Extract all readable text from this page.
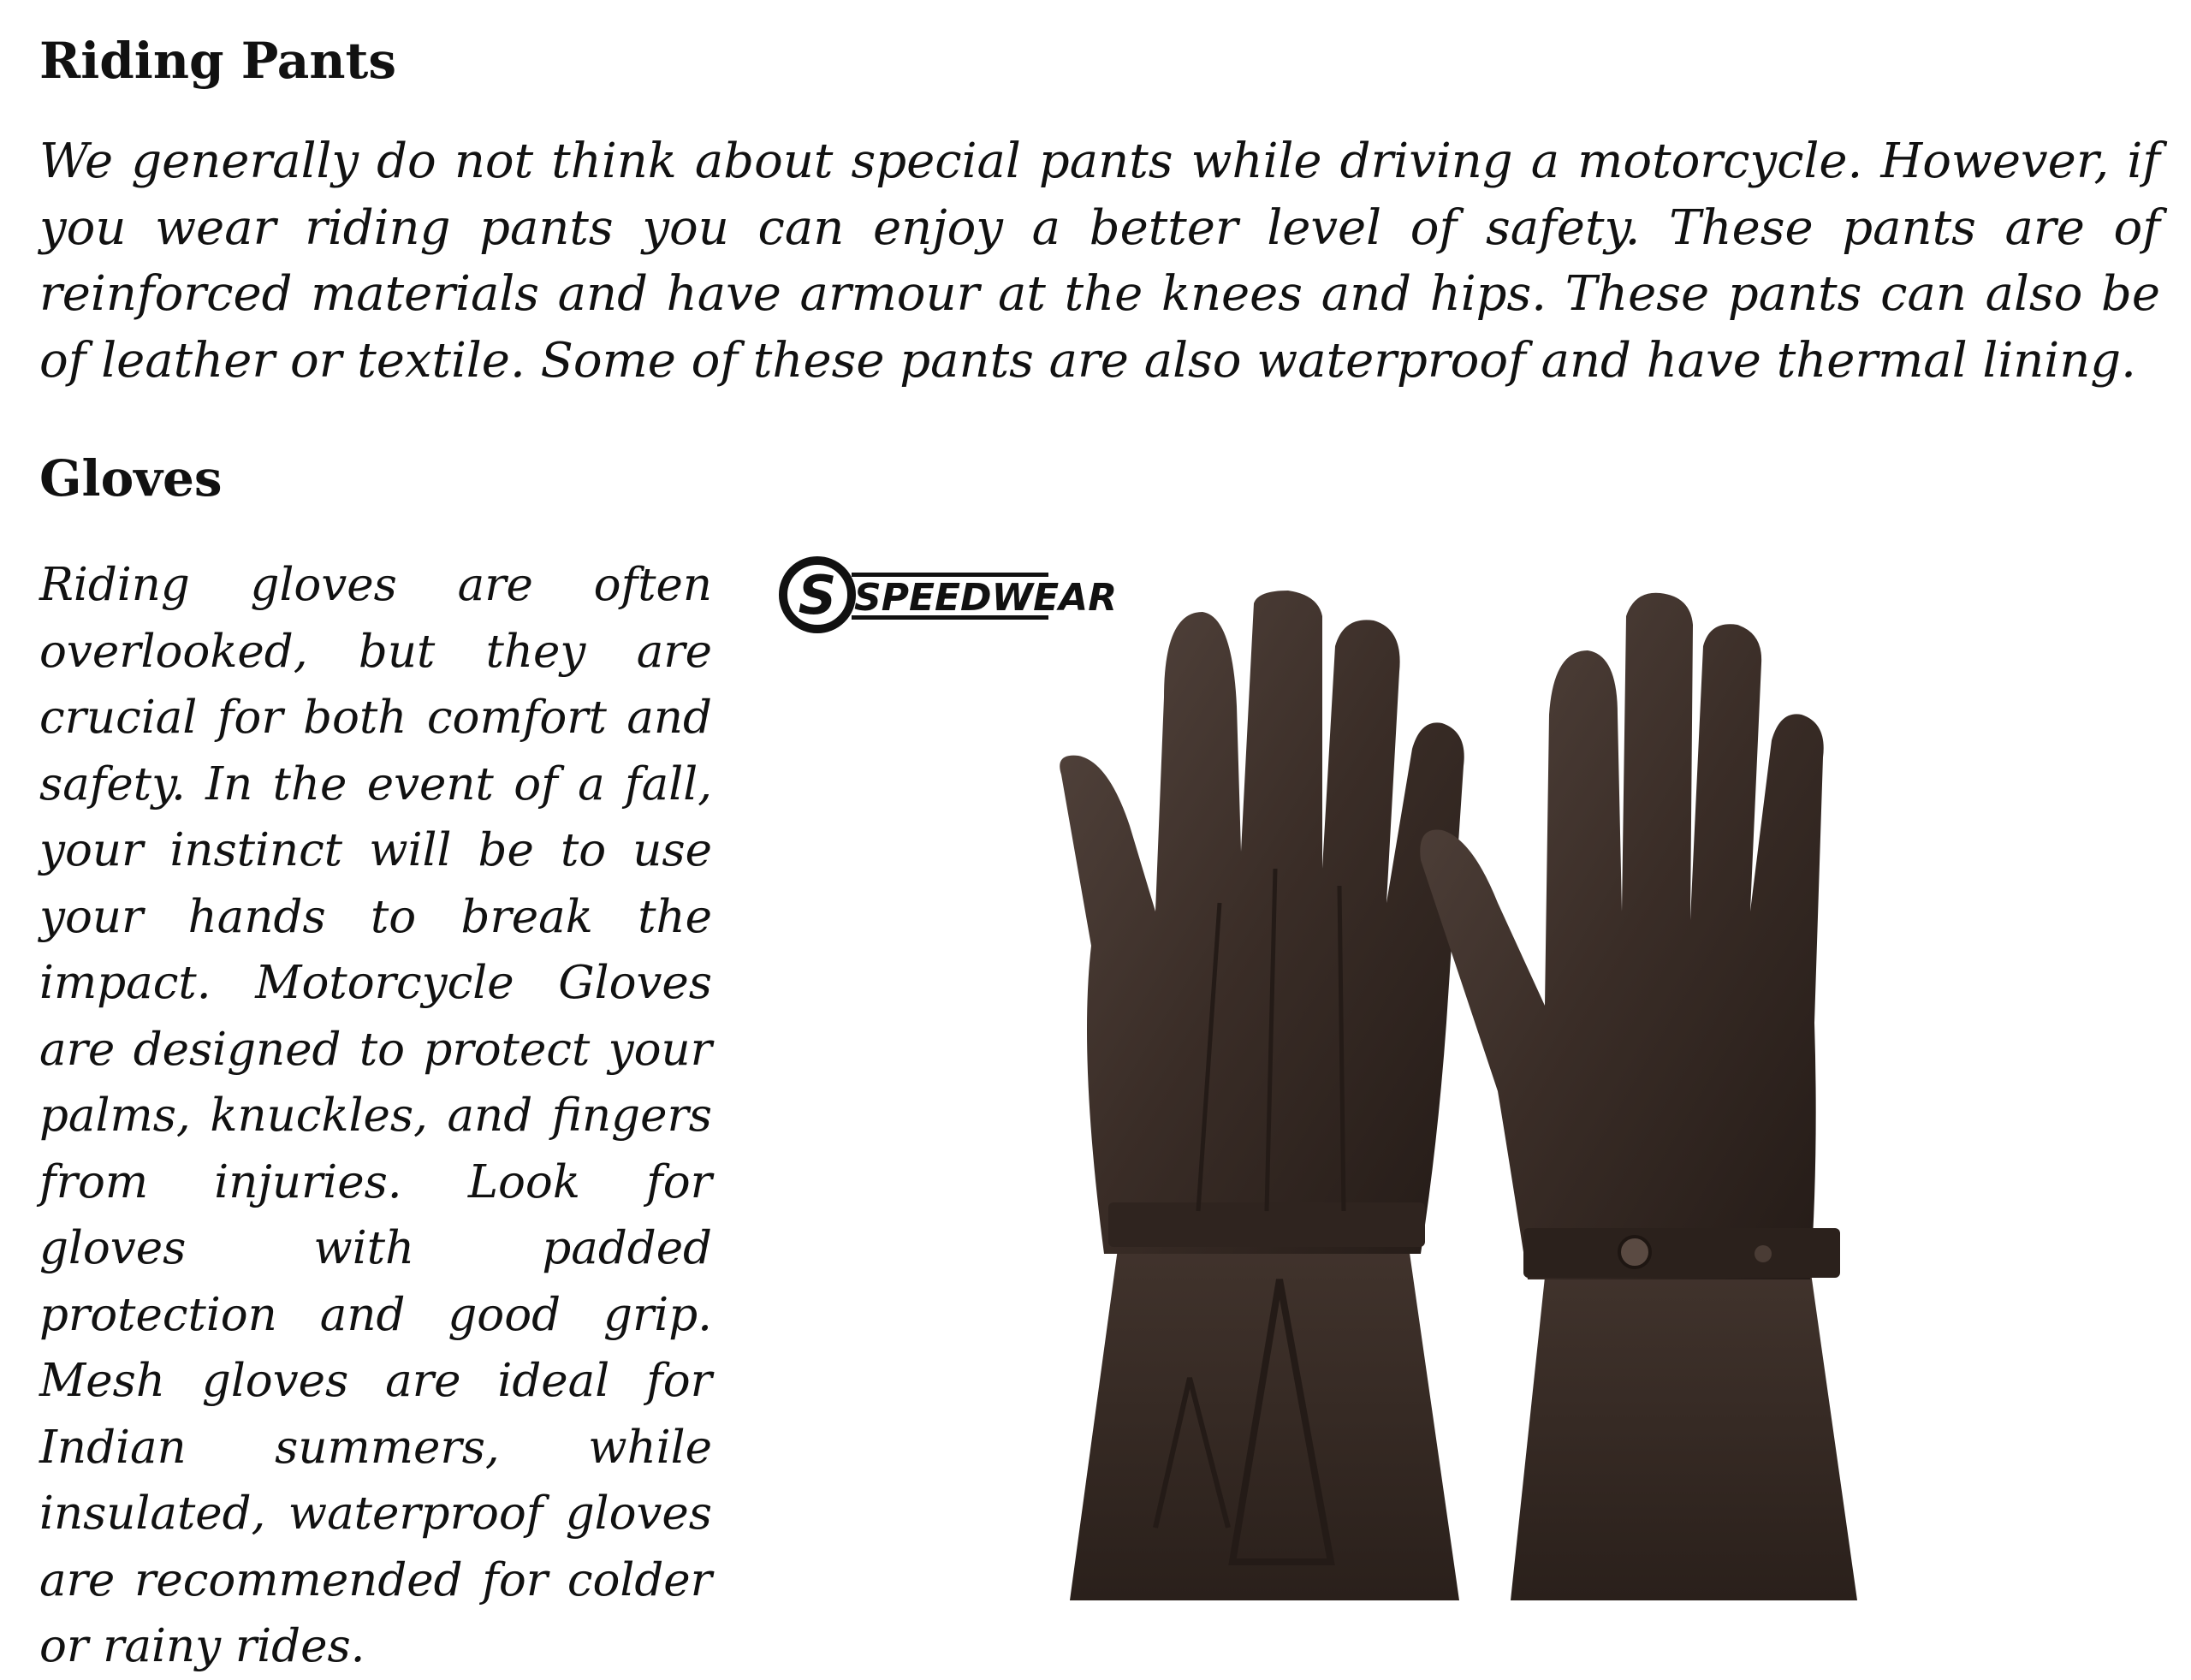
Riding Pants

We generally do not think about special pants while driving a motorcycle. However, if you wear riding pants you can enjoy a better level of safety. These pants are of reinforced materials and have armour at the knees and hips. These pants can also be of leather or textile. Some of these pants are also waterproof and have thermal lining.

Gloves

Riding gloves are often overlooked, but they are crucial for both comfort and safety. In the event of a fall, your instinct will be to use your hands to break the impact. Motorcycle Gloves are designed to protect your palms, knuckles, and fingers from injuries. Look for gloves with padded protection and good grip. Mesh gloves are ideal for Indian summers, while insulated, waterproof gloves are recommended for colder or rainy rides.

S SPEEDWEAR
